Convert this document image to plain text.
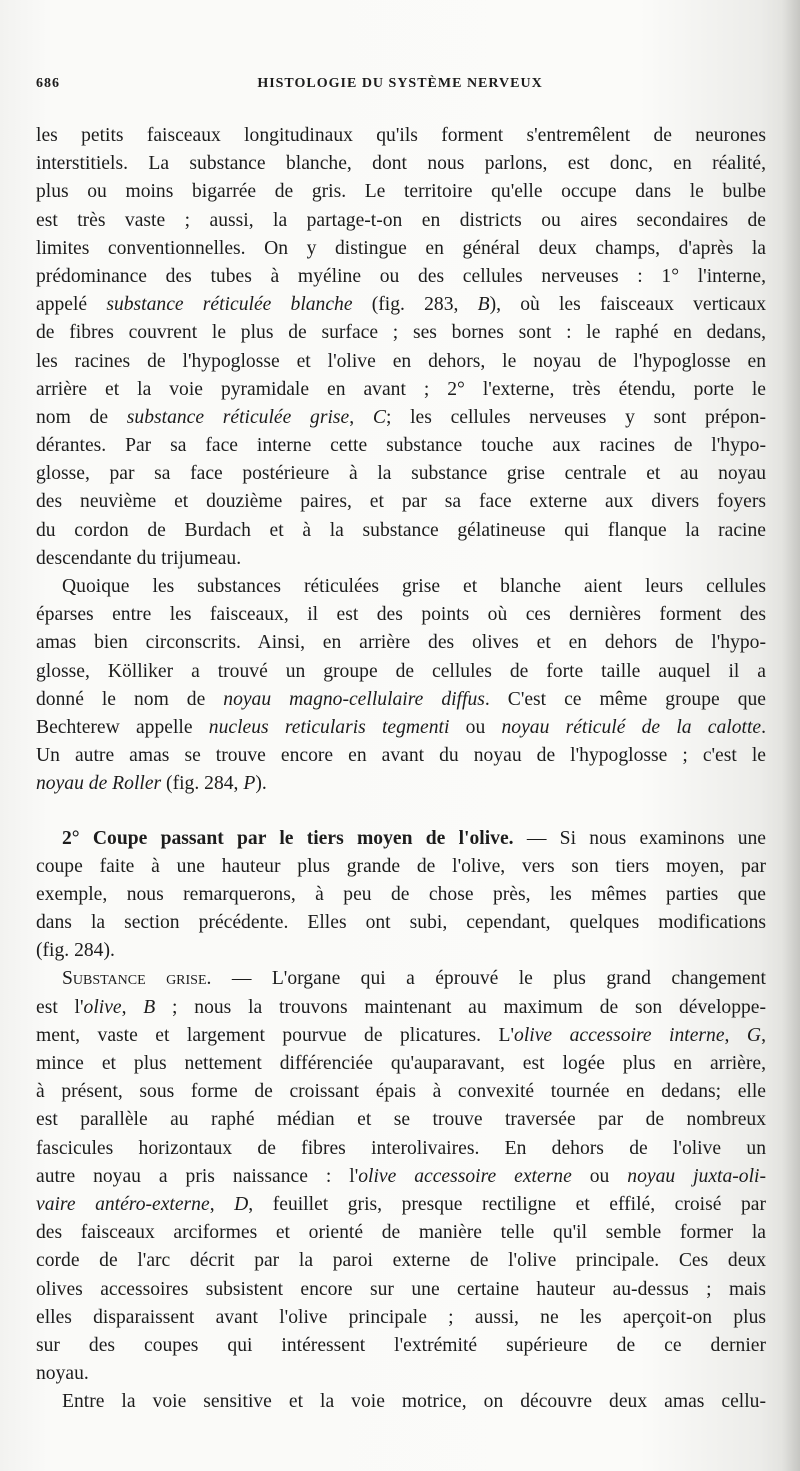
686	HISTOLOGIE DU SYSTÈME NERVEUX
les petits faisceaux longitudinaux qu'ils forment s'entremêlent de neurones
interstitiels. La substance blanche, dont nous parlons, est donc, en réalité,
plus ou moins bigarrée de gris. Le territoire qu'elle occupe dans le bulbe
est très vaste ; aussi, la partage-t-on en districts ou aires secondaires de
limites conventionnelles. On y distingue en général deux champs, d'après la
prédominance des tubes à myéline ou des cellules nerveuses : 1° l'interne,
appelé substance réticulée blanche (fig. 283, B), où les faisceaux verticaux
de fibres couvrent le plus de surface ; ses bornes sont : le raphé en dedans,
les racines de l'hypoglosse et l'olive en dehors, le noyau de l'hypoglosse en
arrière et la voie pyramidale en avant ; 2° l'externe, très étendu, porte le
nom de substance réticulée grise, C; les cellules nerveuses y sont prépon-
dérantes. Par sa face interne cette substance touche aux racines de l'hypo-
glosse, par sa face postérieure à la substance grise centrale et au noyau
des neuvième et douzième paires, et par sa face externe aux divers foyers
du cordon de Burdach et à la substance gélatineuse qui flanque la racine
descendante du trijumeau.
Quoique les substances réticulées grise et blanche aient leurs cellules
éparses entre les faisceaux, il est des points où ces dernières forment des
amas bien circonscrits. Ainsi, en arrière des olives et en dehors de l'hypo-
glosse, Kölliker a trouvé un groupe de cellules de forte taille auquel il a
donné le nom de noyau magno-cellulaire diffus. C'est ce même groupe que
Bechterew appelle nucleus reticularis tegmenti ou noyau réticulé de la calotte.
Un autre amas se trouve encore en avant du noyau de l'hypoglosse ; c'est le
noyau de Roller (fig. 284, P).
2° Coupe passant par le tiers moyen de l'olive. — Si nous examinons une
coupe faite à une hauteur plus grande de l'olive, vers son tiers moyen, par
exemple, nous remarquerons, à peu de chose près, les mêmes parties que
dans la section précédente. Elles ont subi, cependant, quelques modifications
(fig. 284).
Substance grise. — L'organe qui a éprouvé le plus grand changement
est l'olive, B ; nous la trouvons maintenant au maximum de son développe-
ment, vaste et largement pourvue de plicatures. L'olive accessoire interne, G,
mince et plus nettement différenciée qu'auparavant, est logée plus en arrière,
à présent, sous forme de croissant épais à convexité tournée en dedans; elle
est parallèle au raphé médian et se trouve traversée par de nombreux
fascicules horizontaux de fibres interolivaires. En dehors de l'olive un
autre noyau a pris naissance : l'olive accessoire externe ou noyau juxta-oli-
vaire antéro-externe, D, feuillet gris, presque rectiligne et effilé, croisé par
des faisceaux arciformes et orienté de manière telle qu'il semble former la
corde de l'arc décrit par la paroi externe de l'olive principale. Ces deux
olives accessoires subsistent encore sur une certaine hauteur au-dessus ; mais
elles disparaissent avant l'olive principale ; aussi, ne les aperçoit-on plus
sur des coupes qui intéressent l'extrémité supérieure de ce dernier
noyau.
Entre la voie sensitive et la voie motrice, on découvre deux amas cellu-
